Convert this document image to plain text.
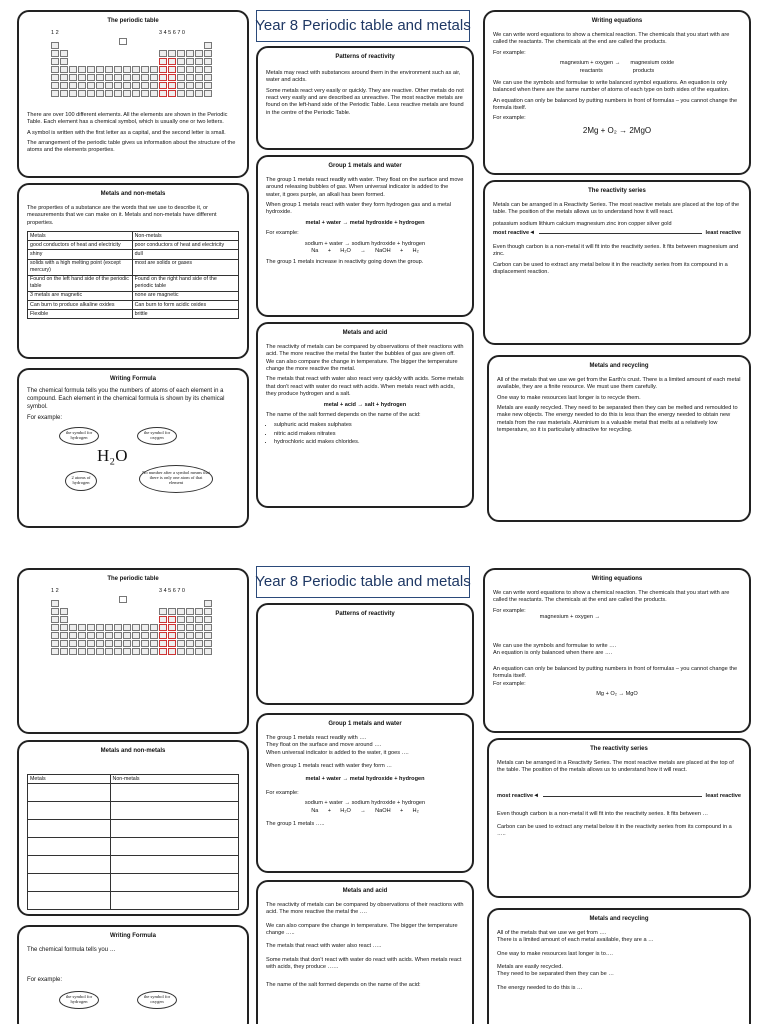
The periodic table
1 2	3 4 5 6 7 0

There are over 100 different elements. All the elements are shown in the Periodic Table. Each element has a chemical symbol, which is usually one or two letters.

A symbol is written with the first letter as a capital, and the second letter is small.

The arrangement of the periodic table gives us information about the structure of the atoms and the elements properties.

Year 8 Periodic table and metals
Patterns of reactivity

Metals may react with substances around them in the environment such as air, water and acids.

Some metals react very easily or quickly. They are reactive. Other metals do not react very easily and are described as unreactive. The most reactive metals are found on the left-hand side of the Periodic Table. Less reactive metals are found in the centre of the Periodic Table.

Writing equations

We can write word equations to show a chemical reaction. The chemicals that you start with are called the reactants. The chemicals at the end are called the products.

For example:

magnesium + oxygen → magnesium oxide
reactants	products

We can use the symbols and formulae to write balanced symbol equations. An equation is only balanced when there are the same number of atoms of each type on both sides of the equation.

An equation can only be balanced by putting numbers in front of formulas – you cannot change the formula itself.

For example:

2Mg + O₂ → 2MgO
Metals and non-metals

The properties of a substance are the words that we use to describe it, or measurements that we can make on it. Metals and non-metals have different properties.

Metals	Non-metals
good conductors of heat and electricity	poor conductors of heat and electricity
shiny	dull
solids with a high melting point (except mercury)	most are solids or gases
Found on the left hand side of the periodic table	Found on the right hand side of the periodic table
3 metals are magnetic	none are magnetic
Can burn to produce alkaline oxides	Can burn to form acidic oxides
Flexible	brittle
Group 1 metals and water

The group 1 metals react readily with water. They float on the surface and move around releasing bubbles of gas. When universal indicator is added to the water, it goes purple, an alkali has been formed.

When group 1 metals react with water they form hydrogen gas and a metal hydroxide.

metal + water → metal hydroxide + hydrogen

For example:

sodium + water → sodium hydroxide + hydrogen
Na      +      H₂O      →      NaOH      +      H₂

The group 1 metals increase in reactivity going down the group.

The reactivity series

Metals can be arranged in a Reactivity Series. The most reactive metals are placed at the top of the table. The position of the metals allows us to understand how it will react.

potassium sodium lithium calcium magnesium zinc iron copper silver gold
most reactive ◄	least reactive

Even though carbon is a non-metal it will fit into the reactivity series. It fits between magnesium and zinc.

Carbon can be used to extract any metal below it in the reactivity series from its compound in a displacement reaction.

Writing Formula

The chemical formula tells you the numbers of atoms of each element in a compound. Each element in the chemical formula is shown by its chemical symbol.

For example:

the symbol for hydrogen
the symbol for oxygen
H₂O
2 atoms of hydrogen
No number after a symbol means that there is only one atom of that element
Metals and acid

The reactivity of metals can be compared by observations of their reactions with acid. The more reactive the metal the faster the bubbles of gas are given off. We can also compare the change in temperature. The bigger the temperature change the more reactive the metal.

The metals that react with water also react very quickly with acids. Some metals that don't react with water do react with acids. When metals react with acids, they produce hydrogen and a salt.

metal + acid → salt + hydrogen

The name of the salt formed depends on the name of the acid:

• sulphuric acid makes sulphates
• nitric acid makes nitrates
• hydrochloric acid makes chlorides.
Metals and recycling

All of the metals that we use we get from the Earth's crust. There is a limited amount of each metal available, they are a finite resource. We must use them carefully.

One way to make resources last longer is to recycle them.

Metals are easily recycled. They need to be separated then they can be melted and remoulded to make new objects. The energy needed to do this is less than the energy needed to obtain new metals from the raw materials. Aluminium is a valuable metal that melts at a relatively low temperature, so it is particularly attractive for recycling.

The periodic table
1 2	3 4 5 6 7 0
Year 8 Periodic table and metals
Patterns of reactivity
Writing equations

We can write word equations to show a chemical reaction. The chemicals that you start with are called the reactants. The chemicals at the end are called the products.

For example:
magnesium + oxygen →

We can use the symbols and formulae to write ….

An equation is only balanced when there are ….

An equation can only be balanced by putting numbers in front of formulas – you cannot change the formula itself.

For example:

Mg + O₂ → MgO
Metals and non-metals
Metals	Non-metals

Group 1 metals and water

The group 1 metals react readily with ….

They float on the surface and move around ….

When universal indicator is added to the water, it goes ….

When group 1 metals react with water they form …

metal + water → metal hydroxide + hydrogen

For example:

sodium + water → sodium hydroxide + hydrogen
Na      +      H₂O      →      NaOH      +      H₂

The group 1 metals …..

The reactivity series

Metals can be arranged in a Reactivity Series. The most reactive metals are placed at the top of the table. The position of the metals allows us to understand how it will react.

most reactive ◄	least reactive

Even though carbon is a non-metal it will fit into the reactivity series. It fits between …

Carbon can be used to extract any metal below it in the reactivity series from its compound in a …..

Writing Formula

The chemical formula tells you …

For example:

the symbol for hydrogen
the symbol for oxygen
Metals and acid

The reactivity of metals can be compared by observations of their reactions with acid. The more reactive the metal the ….

We can also compare the change in temperature. The bigger the temperature change …..

The metals that react with water also react …..

Some metals that don't react with water do react with acids. When metals react with acids, they produce ……

The name of the salt formed depends on the name of the acid:

Metals and recycling

All of the metals that we use we get from ….

There is a limited amount of each metal available, they are a …

One way to make resources last longer is to….

Metals are easily recycled.

They need to be separated then they can be …

The energy needed to do this is …
